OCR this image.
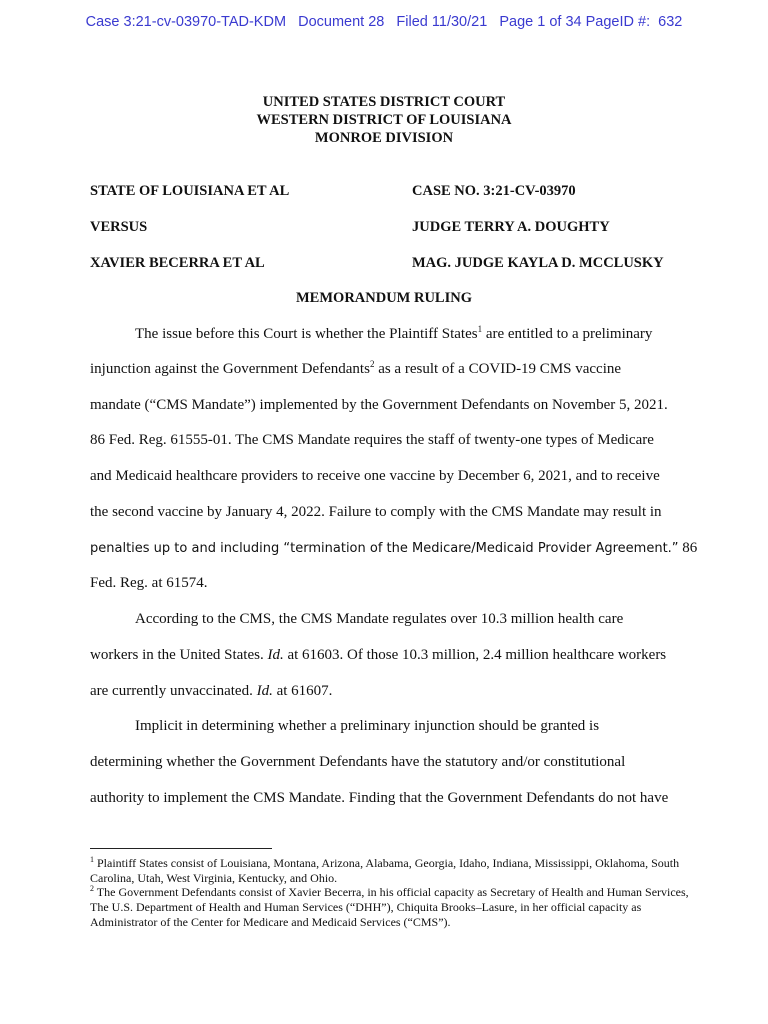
Case 3:21-cv-03970-TAD-KDM   Document 28   Filed 11/30/21   Page 1 of 34 PageID #:  632
UNITED STATES DISTRICT COURT
WESTERN DISTRICT OF LOUISIANA
MONROE DIVISION
STATE OF LOUISIANA ET AL	CASE NO. 3:21-CV-03970
VERSUS	JUDGE TERRY A. DOUGHTY
XAVIER BECERRA ET AL	MAG. JUDGE KAYLA D. MCCLUSKY
MEMORANDUM RULING
The issue before this Court is whether the Plaintiff States$^1$ are entitled to a preliminary
injunction against the Government Defendants$^2$ as a result of a COVID-19 CMS vaccine
mandate (“CMS Mandate”) implemented by the Government Defendants on November 5, 2021.
86 Fed. Reg. 61555-01. The CMS Mandate requires the staff of twenty-one types of Medicare
and Medicaid healthcare providers to receive one vaccine by December 6, 2021, and to receive
the second vaccine by January 4, 2022. Failure to comply with the CMS Mandate may result in
penalties up to and including “termination of the Medicare/Medicaid Provider Agreement.” 86
Fed. Reg. at 61574.
According to the CMS, the CMS Mandate regulates over 10.3 million health care
workers in the United States. Id. at 61603. Of those 10.3 million, 2.4 million healthcare workers
are currently unvaccinated. Id. at 61607.
Implicit in determining whether a preliminary injunction should be granted is
determining whether the Government Defendants have the statutory and/or constitutional
authority to implement the CMS Mandate. Finding that the Government Defendants do not have
$^1$ Plaintiff States consist of Louisiana, Montana, Arizona, Alabama, Georgia, Idaho, Indiana, Mississippi, Oklahoma, South Carolina, Utah, West Virginia, Kentucky, and Ohio.
$^2$ The Government Defendants consist of Xavier Becerra, in his official capacity as Secretary of Health and Human Services, The U.S. Department of Health and Human Services (“DHH”), Chiquita Brooks–Lasure, in her official capacity as Administrator of the Center for Medicare and Medicaid Services (“CMS”).
